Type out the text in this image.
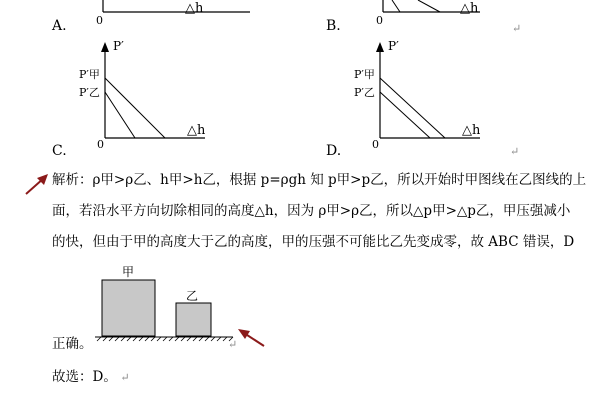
0
△h
A.	0
△h
B.	↵
P′
P′甲
P′乙
△h
0
C.
P′
P′甲
P′乙
△h
0
D.	↵
解析：ρ甲>ρ乙、h甲>h乙，根据 p=ρgh 知 p甲>p乙，所以开始时甲图线在乙图线的上
面，若沿水平方向切除相同的高度△h，因为 ρ甲>ρ乙，所以△p甲>△p乙，甲压强减小
的快，但由于甲的高度大于乙的高度，甲的压强不可能比乙先变成零，故 ABC 错误，D
甲
乙
↵
正确。
故选：D。 ↵
